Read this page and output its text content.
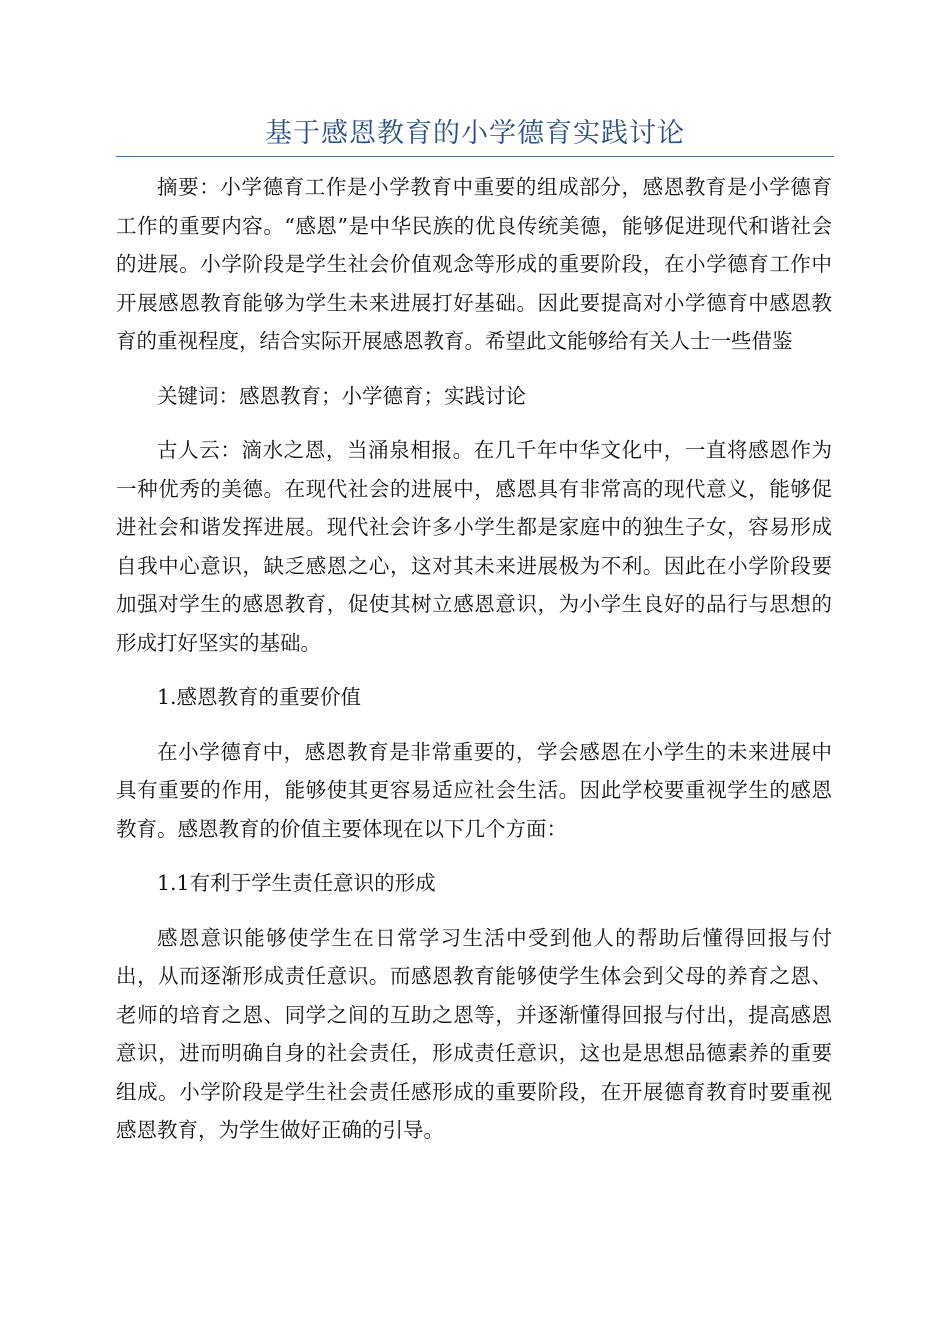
基于感恩教育的小学德育实践讨论

摘要：小学德育工作是小学教育中重要的组成部分，感恩教育是小学德育工作的重要内容。“感恩”是中华民族的优良传统美德，能够促进现代和谐社会的进展。小学阶段是学生社会价值观念等形成的重要阶段，在小学德育工作中开展感恩教育能够为学生未来进展打好基础。因此要提高对小学德育中感恩教育的重视程度，结合实际开展感恩教育。希望此文能够给有关人士一些借鉴

关键词：感恩教育；小学德育；实践讨论

古人云：滴水之恩，当涌泉相报。在几千年中华文化中，一直将感恩作为一种优秀的美德。在现代社会的进展中，感恩具有非常高的现代意义，能够促进社会和谐发挥进展。现代社会许多小学生都是家庭中的独生子女，容易形成自我中心意识，缺乏感恩之心，这对其未来进展极为不利。因此在小学阶段要加强对学生的感恩教育，促使其树立感恩意识，为小学生良好的品行与思想的形成打好坚实的基础。

1.感恩教育的重要价值

在小学德育中，感恩教育是非常重要的，学会感恩在小学生的未来进展中具有重要的作用，能够使其更容易适应社会生活。因此学校要重视学生的感恩教育。感恩教育的价值主要体现在以下几个方面：

1.1有利于学生责任意识的形成

感恩意识能够使学生在日常学习生活中受到他人的帮助后懂得回报与付出，从而逐渐形成责任意识。而感恩教育能够使学生体会到父母的养育之恩、老师的培育之恩、同学之间的互助之恩等，并逐渐懂得回报与付出，提高感恩意识，进而明确自身的社会责任，形成责任意识，这也是思想品德素养的重要组成。小学阶段是学生社会责任感形成的重要阶段，在开展德育教育时要重视感恩教育，为学生做好正确的引导。
